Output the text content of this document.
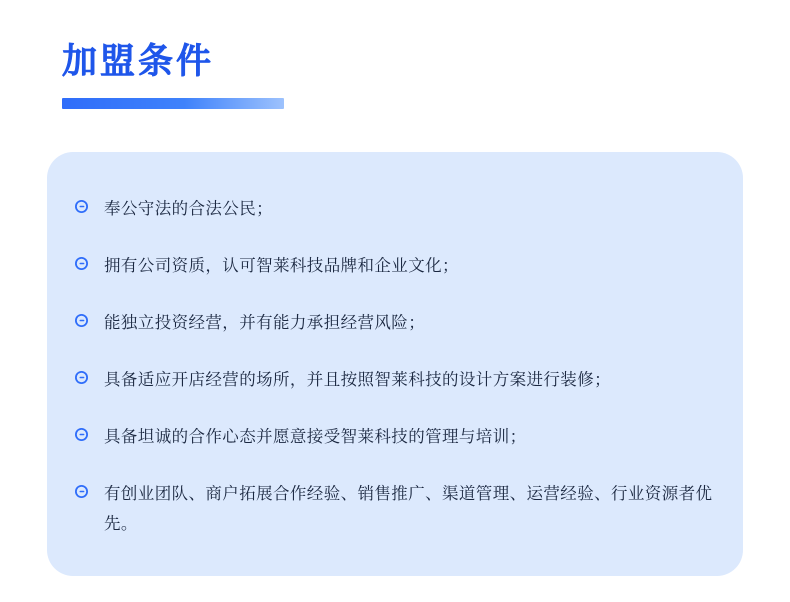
加盟条件
奉公守法的合法公民；
拥有公司资质，认可智莱科技品牌和企业文化；
能独立投资经营，并有能力承担经营风险；
具备适应开店经营的场所，并且按照智莱科技的设计方案进行装修；
具备坦诚的合作心态并愿意接受智莱科技的管理与培训；
有创业团队、商户拓展合作经验、销售推广、渠道管理、运营经验、行业资源者优先。
